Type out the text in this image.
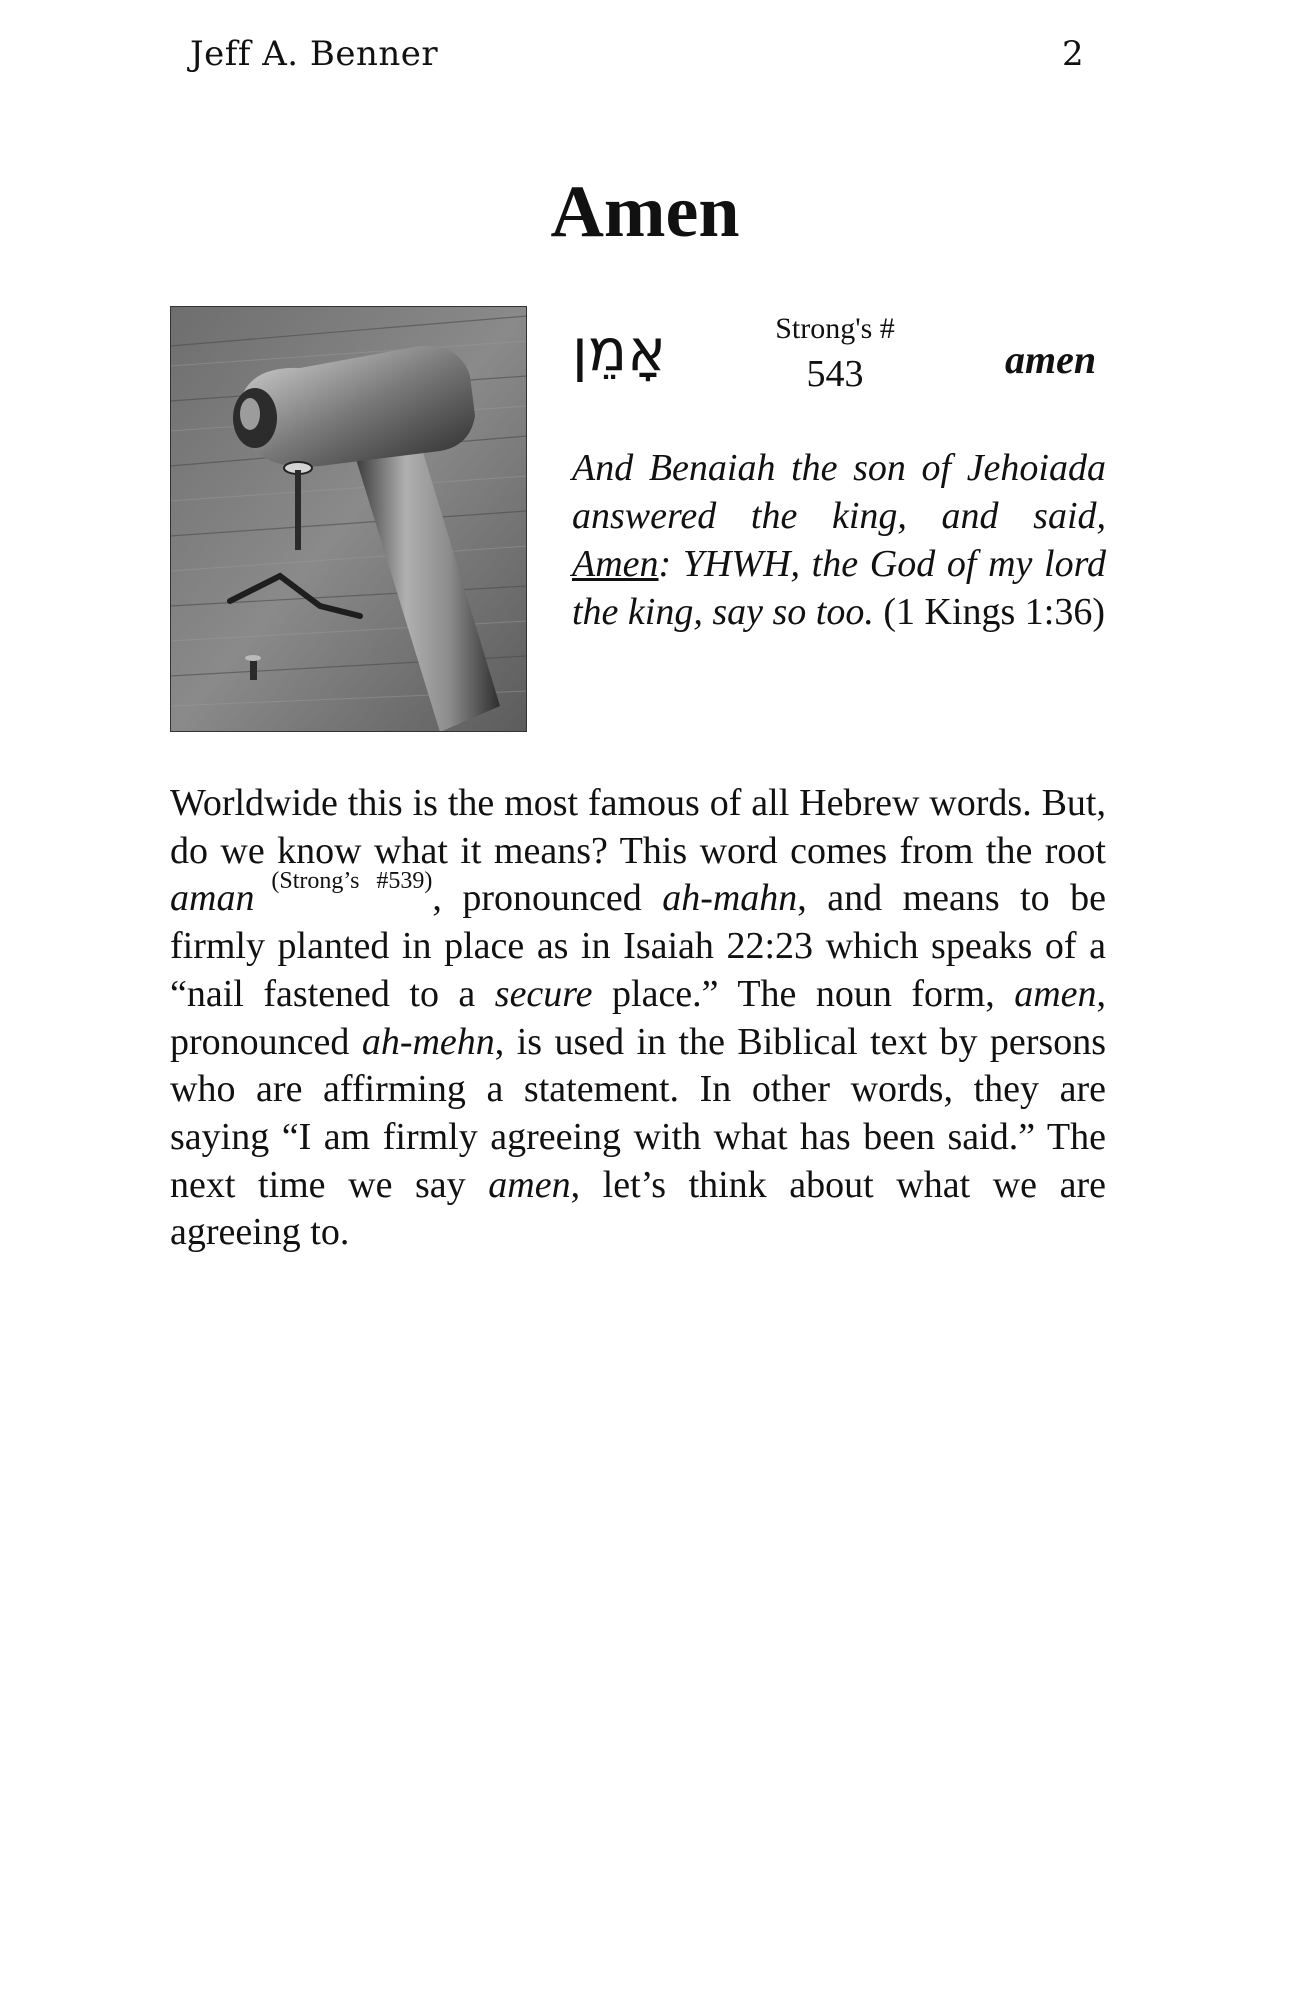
Jeff A. Benner	2
Amen
אָמֵן	Strong's #
543	amen
And Benaiah the son of Jehoiada answered the king, and said, Amen: YHWH, the God of my lord the king, say so too. (1 Kings 1:36)

Worldwide this is the most famous of all Hebrew words. But, do we know what it means? This word comes from the root aman $^{(Strong’s \#539)}$, pronounced ah-mahn, and means to be firmly planted in place as in Isaiah 22:23 which speaks of a “nail fastened to a secure place.” The noun form, amen, pronounced ah-mehn, is used in the Biblical text by persons who are affirming a statement. In other words, they are saying “I am firmly agreeing with what has been said.” The next time we say amen, let’s think about what we are agreeing to.
